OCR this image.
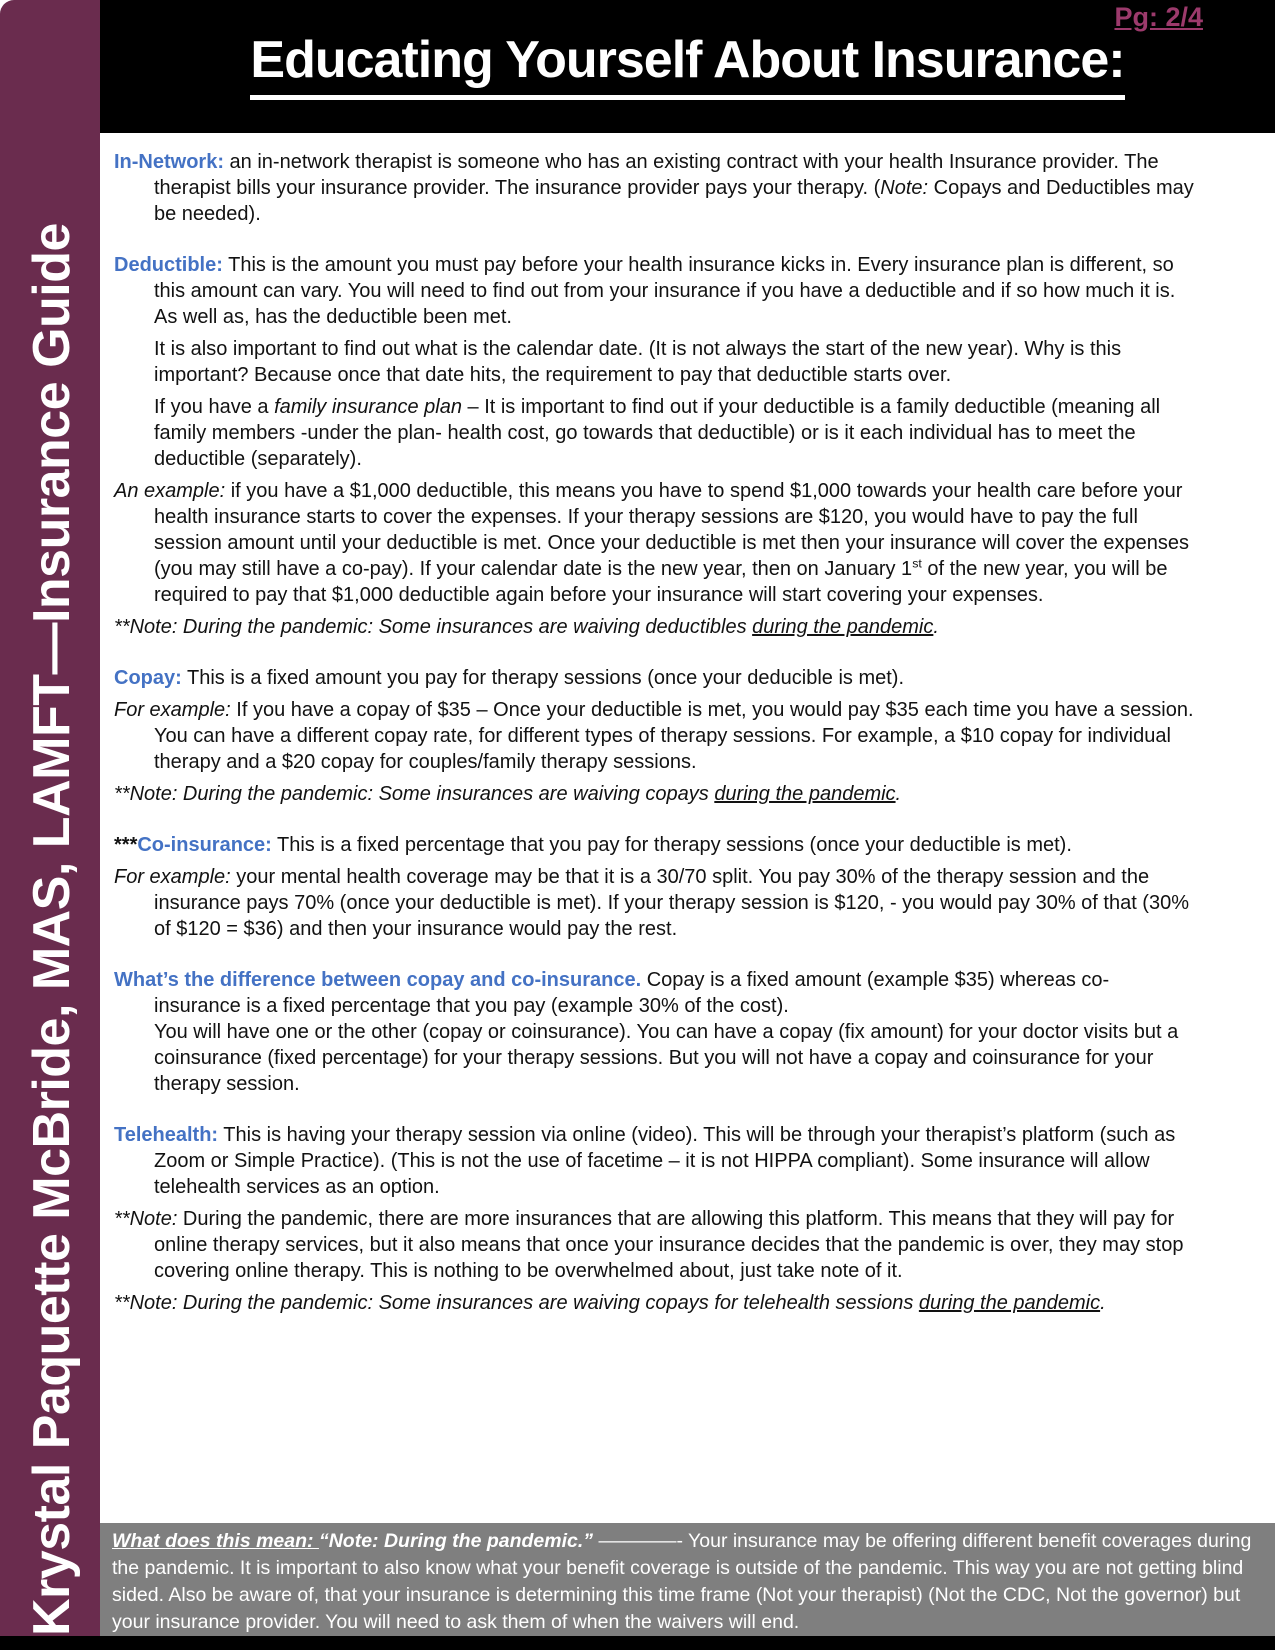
Krystal Paquette McBride, MAS, LAMFT—Insurance Guide
Pg: 2/4
Educating Yourself About Insurance:
In-Network: an in-network therapist is someone who has an existing contract with your health Insurance provider. The therapist bills your insurance provider. The insurance provider pays your therapy. (Note: Copays and Deductibles may be needed).
Deductible: This is the amount you must pay before your health insurance kicks in. Every insurance plan is different, so this amount can vary. You will need to find out from your insurance if you have a deductible and if so how much it is. As well as, has the deductible been met.
It is also important to find out what is the calendar date. (It is not always the start of the new year). Why is this important? Because once that date hits, the requirement to pay that deductible starts over.
If you have a family insurance plan – It is important to find out if your deductible is a family deductible (meaning all family members -under the plan- health cost, go towards that deductible) or is it each individual has to meet the deductible (separately).
An example: if you have a $1,000 deductible, this means you have to spend $1,000 towards your health care before your health insurance starts to cover the expenses. If your therapy sessions are $120, you would have to pay the full session amount until your deductible is met. Once your deductible is met then your insurance will cover the expenses (you may still have a co-pay). If your calendar date is the new year, then on January 1st of the new year, you will be required to pay that $1,000 deductible again before your insurance will start covering your expenses.
**Note: During the pandemic: Some insurances are waiving deductibles during the pandemic.
Copay: This is a fixed amount you pay for therapy sessions (once your deducible is met).
For example: If you have a copay of $35 – Once your deductible is met, you would pay $35 each time you have a session.
You can have a different copay rate, for different types of therapy sessions. For example, a $10 copay for individual therapy and a $20 copay for couples/family therapy sessions.
**Note: During the pandemic: Some insurances are waiving copays during the pandemic.
***Co-insurance: This is a fixed percentage that you pay for therapy sessions (once your deductible is met).
For example: your mental health coverage may be that it is a 30/70 split. You pay 30% of the therapy session and the insurance pays 70% (once your deductible is met). If your therapy session is $120, - you would pay 30% of that (30% of $120 = $36) and then your insurance would pay the rest.
What’s the difference between copay and co-insurance. Copay is a fixed amount (example $35) whereas co-insurance is a fixed percentage that you pay (example 30% of the cost).
You will have one or the other (copay or coinsurance). You can have a copay (fix amount) for your doctor visits but a coinsurance (fixed percentage) for your therapy sessions. But you will not have a copay and coinsurance for your therapy session.
Telehealth: This is having your therapy session via online (video). This will be through your therapist’s platform (such as Zoom or Simple Practice). (This is not the use of facetime – it is not HIPPA compliant). Some insurance will allow telehealth services as an option.
**Note: During the pandemic, there are more insurances that are allowing this platform. This means that they will pay for online therapy services, but it also means that once your insurance decides that the pandemic is over, they may stop covering online therapy. This is nothing to be overwhelmed about, just take note of it.
**Note: During the pandemic: Some insurances are waiving copays for telehealth sessions during the pandemic.
What does this mean: “Note: During the pandemic.” ————- Your insurance may be offering different benefit coverages during the pandemic. It is important to also know what your benefit coverage is outside of the pandemic. This way you are not getting blind sided. Also be aware of, that your insurance is determining this time frame (Not your therapist) (Not the CDC, Not the governor) but your insurance provider. You will need to ask them of when the waivers will end.
